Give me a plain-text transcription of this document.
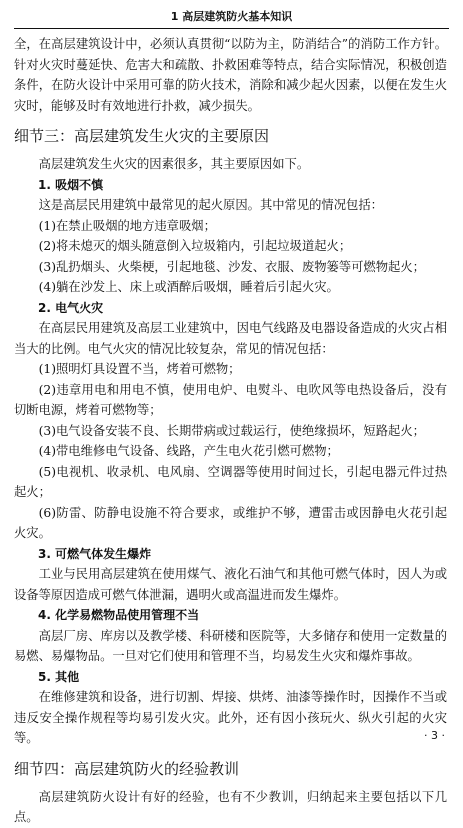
1 高层建筑防火基本知识

全，在高层建筑设计中，必须认真贯彻“以防为主，防消结合”的消防工作方针。针对火灾时蔓延快、危害大和疏散、扑救困难等特点，结合实际情况，积极创造条件，在防火设计中采用可靠的防火技术，消除和减少起火因素，以便在发生火灾时，能够及时有效地进行扑救，减少损失。

细节三：高层建筑发生火灾的主要原因

高层建筑发生火灾的因素很多，其主要原因如下。

1. 吸烟不慎

这是高层民用建筑中最常见的起火原因。其中常见的情况包括：

(1)在禁止吸烟的地方违章吸烟；

(2)将未熄灭的烟头随意倒入垃圾箱内，引起垃圾道起火；

(3)乱扔烟头、火柴梗，引起地毯、沙发、衣服、废物篓等可燃物起火；

(4)躺在沙发上、床上或酒醉后吸烟，睡着后引起火灾。

2. 电气火灾

在高层民用建筑及高层工业建筑中，因电气线路及电器设备造成的火灾占相当大的比例。电气火灾的情况比较复杂，常见的情况包括：

(1)照明灯具设置不当，烤着可燃物；

(2)违章用电和用电不慎，使用电炉、电熨斗、电吹风等电热设备后，没有切断电源，烤着可燃物等；

(3)电气设备安装不良、长期带病或过载运行，使绝缘损坏，短路起火；

(4)带电维修电气设备、线路，产生电火花引燃可燃物；

(5)电视机、收录机、电风扇、空调器等使用时间过长，引起电器元件过热起火；

(6)防雷、防静电设施不符合要求，或维护不够，遭雷击或因静电火花引起火灾。

3. 可燃气体发生爆炸

工业与民用高层建筑在使用煤气、液化石油气和其他可燃气体时，因人为或设备等原因造成可燃气体泄漏，遇明火或高温进而发生爆炸。

4. 化学易燃物品使用管理不当

高层厂房、库房以及教学楼、科研楼和医院等，大多储存和使用一定数量的易燃、易爆物品。一旦对它们使用和管理不当，均易发生火灾和爆炸事故。

5. 其他

在维修建筑和设备，进行切割、焊接、烘烤、油漆等操作时，因操作不当或违反安全操作规程等均易引发火灾。此外，还有因小孩玩火、纵火引起的火灾等。

细节四：高层建筑防火的经验教训

高层建筑防火设计有好的经验，也有不少教训，归纳起来主要包括以下几点。

· 3 ·
